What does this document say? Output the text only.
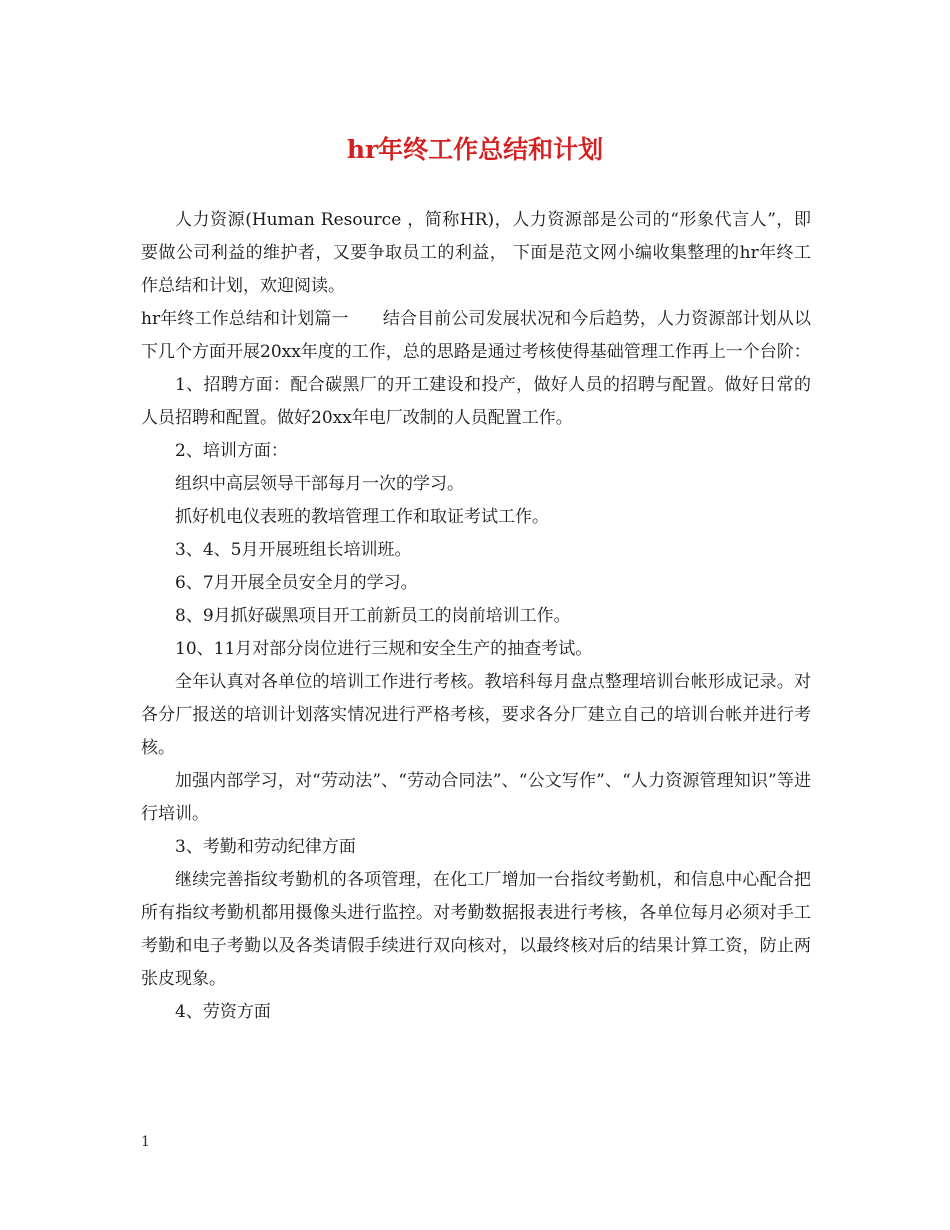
hr年终工作总结和计划

人力资源(Human Resource ，简称HR)，人力资源部是公司的“形象代言人”，即要做公司利益的维护者，又要争取员工的利益， 下面是范文网小编收集整理的hr年终工作总结和计划，欢迎阅读。

hr年终工作总结和计划篇一　　结合目前公司发展状况和今后趋势，人力资源部计划从以下几个方面开展20xx年度的工作，总的思路是通过考核使得基础管理工作再上一个台阶：

1、招聘方面：配合碳黑厂的开工建设和投产，做好人员的招聘与配置。做好日常的人员招聘和配置。做好20xx年电厂改制的人员配置工作。

2、培训方面：

组织中高层领导干部每月一次的学习。

抓好机电仪表班的教培管理工作和取证考试工作。

3、4、5月开展班组长培训班。

6、7月开展全员安全月的学习。

8、9月抓好碳黑项目开工前新员工的岗前培训工作。

10、11月对部分岗位进行三规和安全生产的抽查考试。

全年认真对各单位的培训工作进行考核。教培科每月盘点整理培训台帐形成记录。对各分厂报送的培训计划落实情况进行严格考核，要求各分厂建立自己的培训台帐并进行考核。

加强内部学习，对“劳动法”、“劳动合同法”、“公文写作”、“人力资源管理知识”等进行培训。

3、考勤和劳动纪律方面

继续完善指纹考勤机的各项管理，在化工厂增加一台指纹考勤机，和信息中心配合把所有指纹考勤机都用摄像头进行监控。对考勤数据报表进行考核，各单位每月必须对手工考勤和电子考勤以及各类请假手续进行双向核对，以最终核对后的结果计算工资，防止两张皮现象。

4、劳资方面

1
